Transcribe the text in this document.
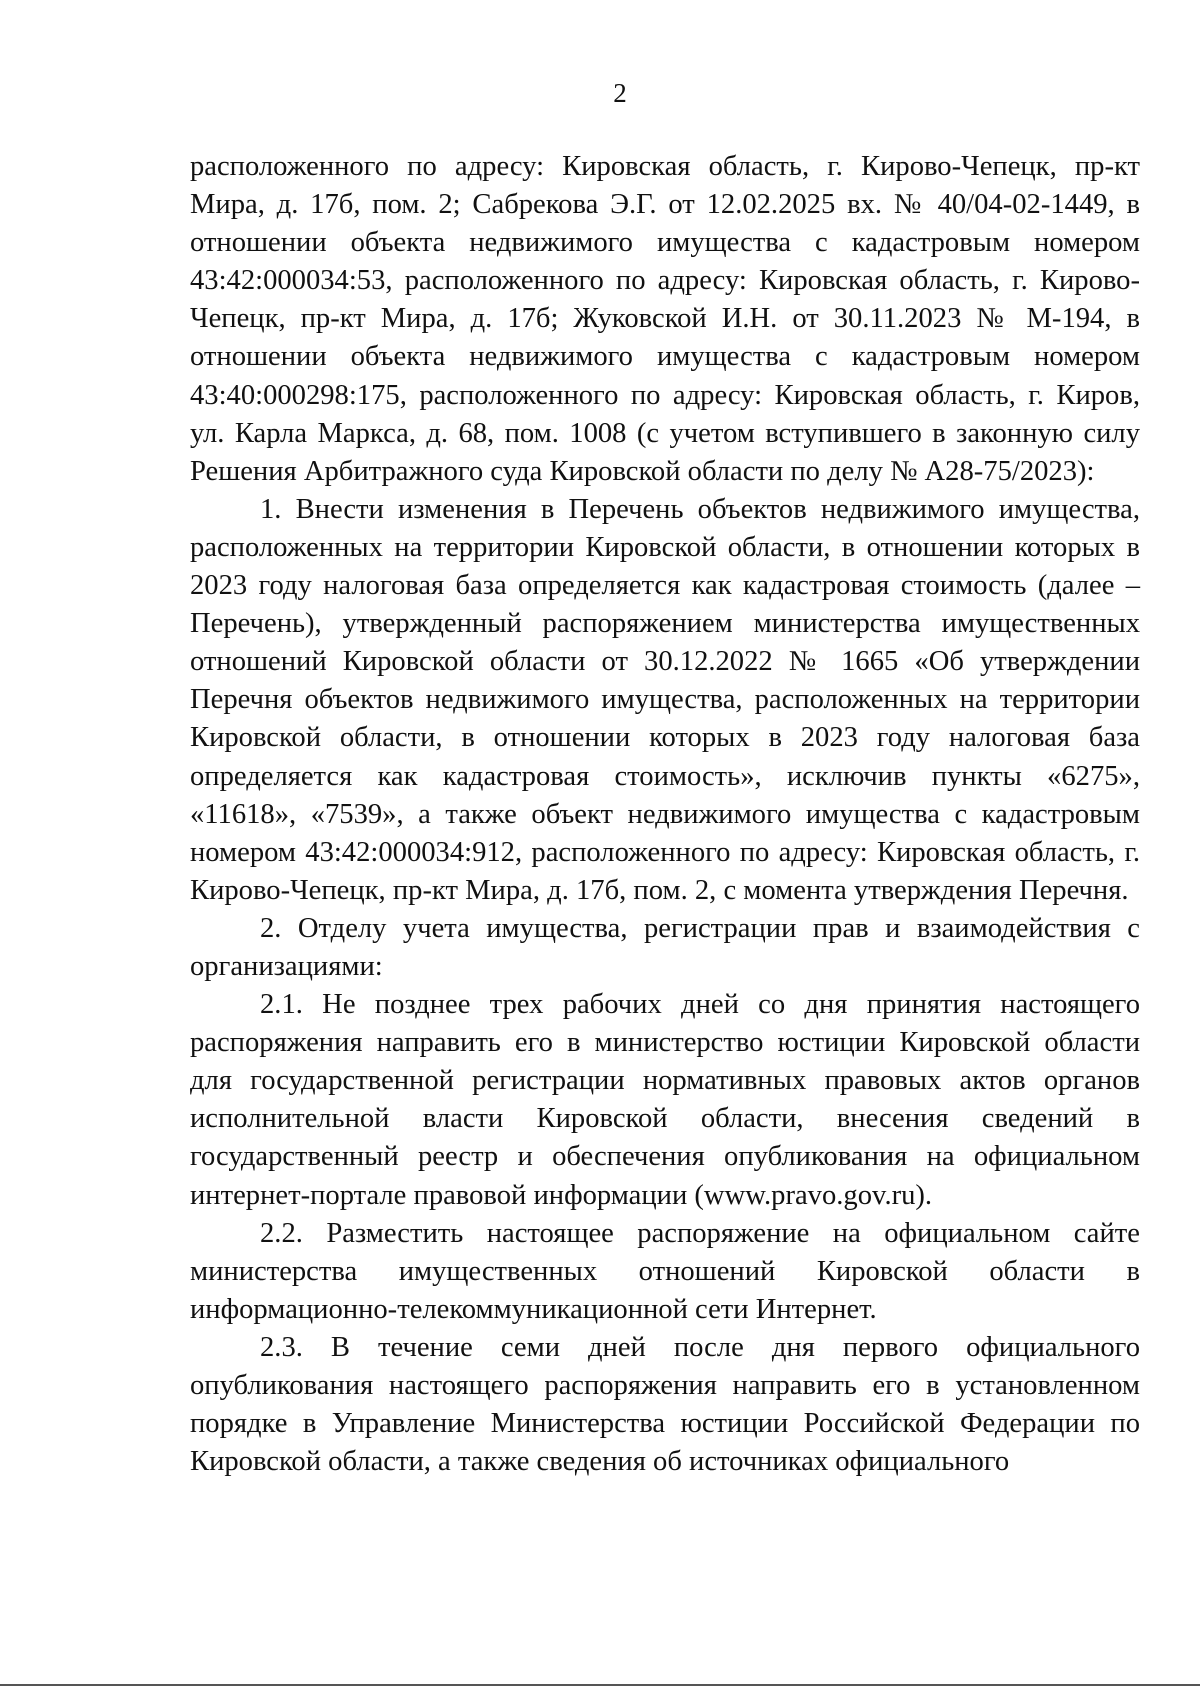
2

расположенного по адресу: Кировская область, г. Кирово-Чепецк, пр-кт Мира, д. 17б, пом. 2; Сабрекова Э.Г. от 12.02.2025 вх. № 40/04-02-1449, в отношении объекта недвижимого имущества с кадастровым номером 43:42:000034:53, расположенного по адресу: Кировская область, г. Кирово-Чепецк, пр-кт Мира, д. 17б; Жуковской И.Н. от 30.11.2023 № М-194, в отношении объекта недвижимого имущества с кадастровым номером 43:40:000298:175, расположенного по адресу: Кировская область, г. Киров, ул. Карла Маркса, д. 68, пом. 1008 (с учетом вступившего в законную силу Решения Арбитражного суда Кировской области по делу № А28-75/2023):

1. Внести изменения в Перечень объектов недвижимого имущества, расположенных на территории Кировской области, в отношении которых в 2023 году налоговая база определяется как кадастровая стоимость (далее – Перечень), утвержденный распоряжением министерства имущественных отношений Кировской области от 30.12.2022 № 1665 «Об утверждении Перечня объектов недвижимого имущества, расположенных на территории Кировской области, в отношении которых в 2023 году налоговая база определяется как кадастровая стоимость», исключив пункты «6275», «11618», «7539», а также объект недвижимого имущества с кадастровым номером 43:42:000034:912, расположенного по адресу: Кировская область, г. Кирово-Чепецк, пр-кт Мира, д. 17б, пом. 2, с момента утверждения Перечня.

2. Отделу учета имущества, регистрации прав и взаимодействия с организациями:

2.1. Не позднее трех рабочих дней со дня принятия настоящего распоряжения направить его в министерство юстиции Кировской области для государственной регистрации нормативных правовых актов органов исполнительной власти Кировской области, внесения сведений в государственный реестр и обеспечения опубликования на официальном интернет-портале правовой информации (www.pravo.gov.ru).

2.2. Разместить настоящее распоряжение на официальном сайте министерства имущественных отношений Кировской области в информационно-телекоммуникационной сети Интернет.

2.3. В течение семи дней после дня первого официального опубликования настоящего распоряжения направить его в установленном порядке в Управление Министерства юстиции Российской Федерации по Кировской области, а также сведения об источниках официального
